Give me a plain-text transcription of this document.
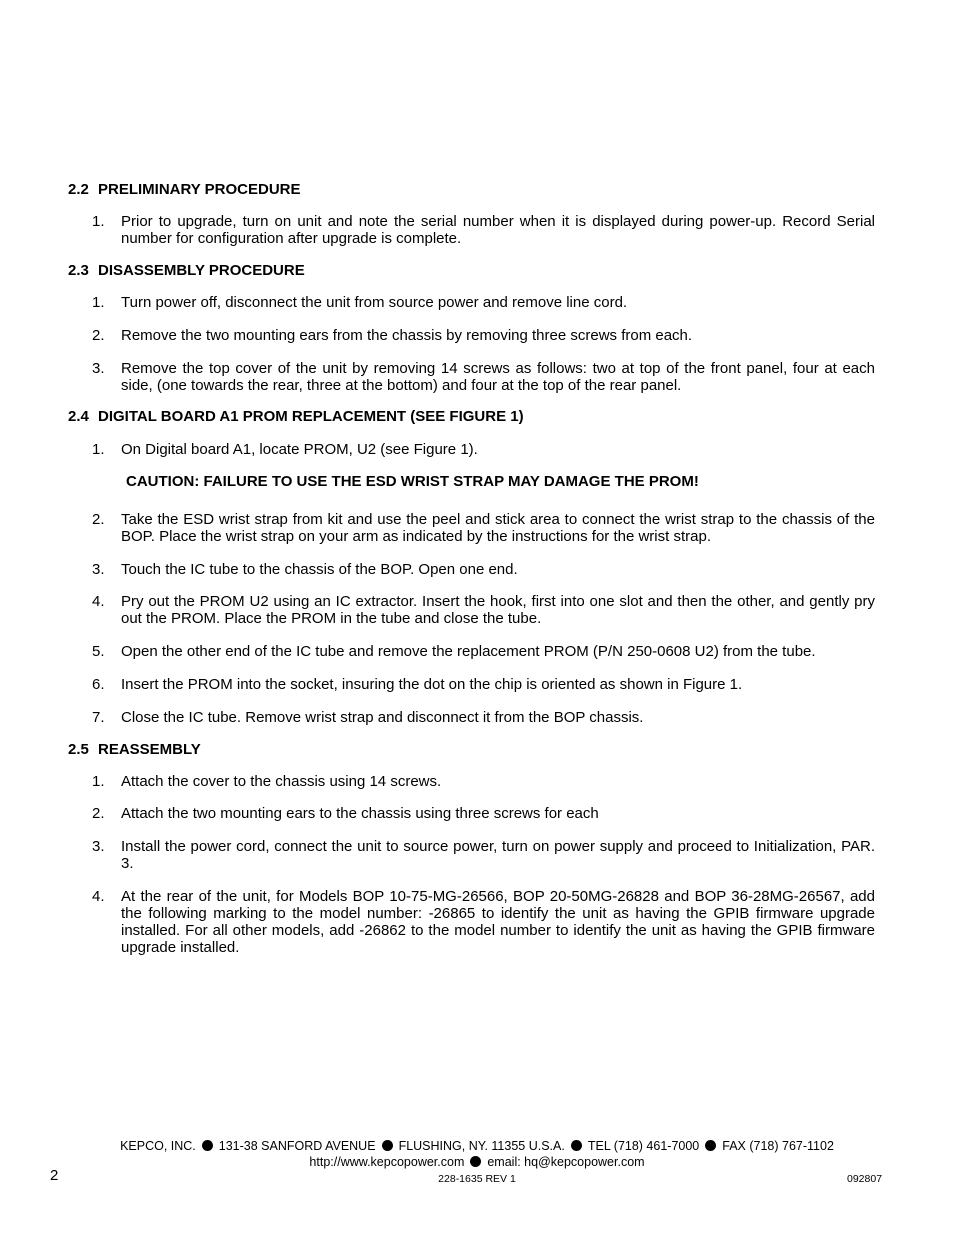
2.2 PRELIMINARY PROCEDURE
1. Prior to upgrade, turn on unit and note the serial number when it is displayed during power-up. Record Serial number for configuration after upgrade is complete.
2.3 DISASSEMBLY PROCEDURE
1. Turn power off, disconnect the unit from source power and remove line cord.
2. Remove the two mounting ears from the chassis by removing three screws from each.
3. Remove the top cover of the unit by removing 14 screws as follows: two at top of the front panel, four at each side, (one towards the rear, three at the bottom) and four at the top of the rear panel.
2.4 DIGITAL BOARD A1 PROM REPLACEMENT (SEE FIGURE 1)
1. On Digital board A1, locate PROM, U2 (see Figure 1).
CAUTION: FAILURE TO USE THE ESD WRIST STRAP MAY DAMAGE THE PROM!
2. Take the ESD wrist strap from kit and use the peel and stick area to connect the wrist strap to the chassis of the BOP. Place the wrist strap on your arm as indicated by the instructions for the wrist strap.
3. Touch the IC tube to the chassis of the BOP. Open one end.
4. Pry out the PROM U2 using an IC extractor. Insert the hook, first into one slot and then the other, and gently pry out the PROM. Place the PROM in the tube and close the tube.
5. Open the other end of the IC tube and remove the replacement PROM (P/N 250-0608 U2) from the tube.
6. Insert the PROM into the socket, insuring the dot on the chip is oriented as shown in Figure 1.
7. Close the IC tube. Remove wrist strap and disconnect it from the BOP chassis.
2.5 REASSEMBLY
1. Attach the cover to the chassis using 14 screws.
2. Attach the two mounting ears to the chassis using three screws for each
3. Install the power cord, connect the unit to source power, turn on power supply and proceed to Initialization, PAR. 3.
4. At the rear of the unit, for Models BOP 10-75-MG-26566, BOP 20-50MG-26828 and BOP 36-28MG-26567, add the following marking to the model number: -26865 to identify the unit as having the GPIB firmware upgrade installed. For all other models, add -26862 to the model number to identify the unit as having the GPIB firmware upgrade installed.
KEPCO, INC. 131-38 SANFORD AVENUE FLUSHING, NY. 11355 U.S.A. TEL (718) 461-7000 FAX (718) 767-1102
http://www.kepcopower.com email: hq@kepcopower.com
2	228-1635 REV 1	092807
